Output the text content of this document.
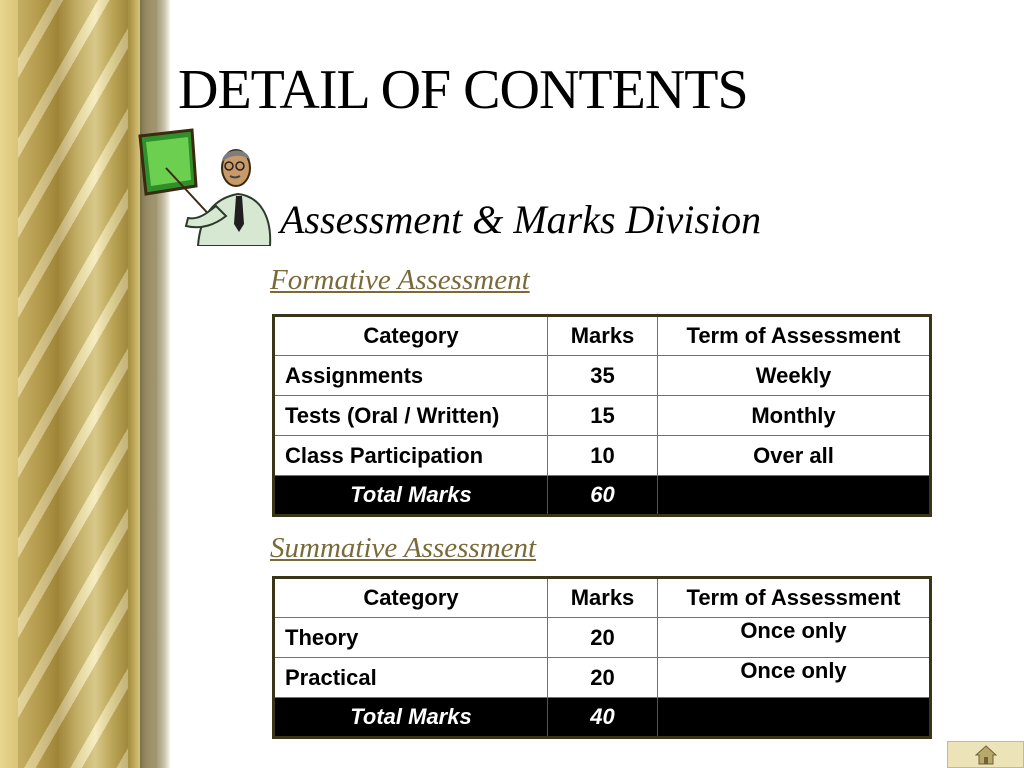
DETAIL OF CONTENTS
Assessment & Marks Division
Formative Assessment
Category	Marks	Term of Assessment
Assignments	35	Weekly
Tests (Oral / Written)	15	Monthly
Class Participation	10	Over all
Total Marks	60	
Summative Assessment
Category	Marks	Term of Assessment
Theory	20	Once only
Practical	20	Once only
Total Marks	40	
